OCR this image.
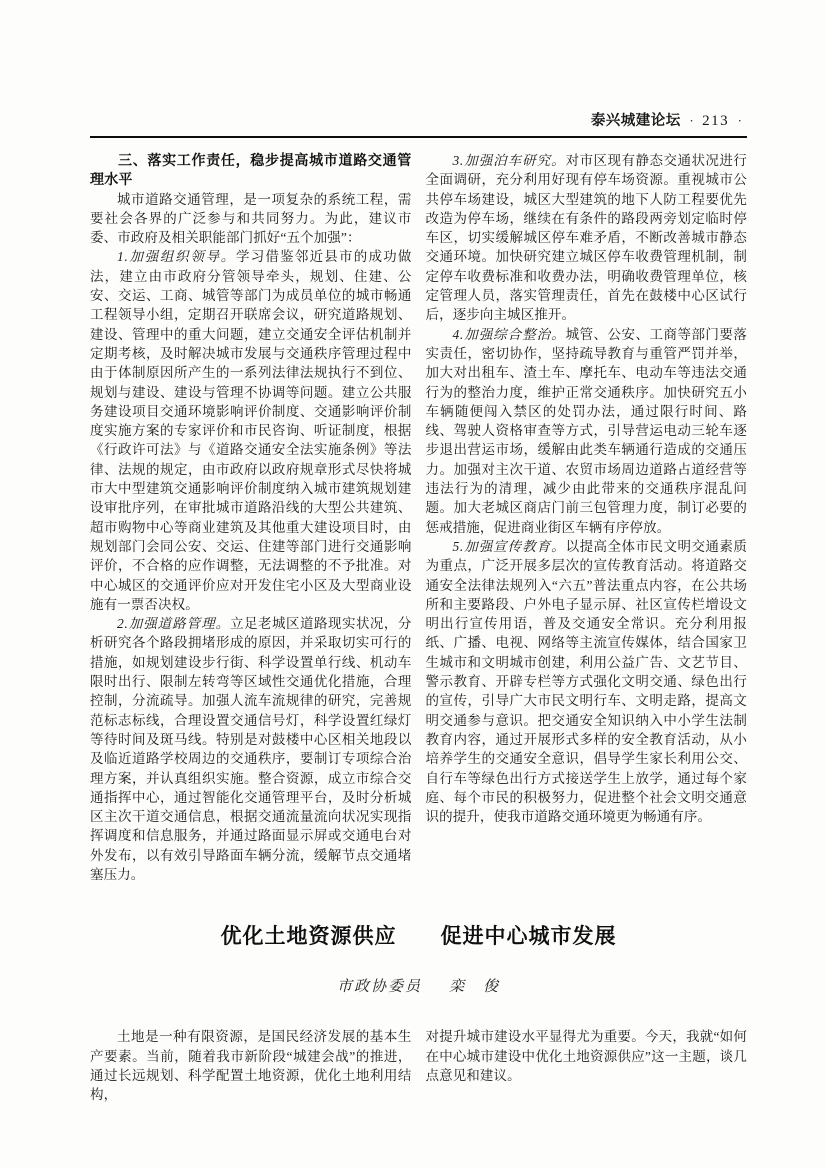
泰兴城建论坛 · 213 ·
三、落实工作责任，稳步提高城市道路交通管理水平

城市道路交通管理，是一项复杂的系统工程，需要社会各界的广泛参与和共同努力。为此，建议市委、市政府及相关职能部门抓好“五个加强”：

1.加强组织领导。学习借鉴邻近县市的成功做法，建立由市政府分管领导牵头，规划、住建、公安、交运、工商、城管等部门为成员单位的城市畅通工程领导小组，定期召开联席会议，研究道路规划、建设、管理中的重大问题，建立交通安全评估机制并定期考核，及时解决城市发展与交通秩序管理过程中由于体制原因所产生的一系列法律法规执行不到位、规划与建设、建设与管理不协调等问题。建立公共服务建设项目交通环境影响评价制度、交通影响评价制度实施方案的专家评价和市民咨询、听证制度，根据《行政许可法》与《道路交通安全法实施条例》等法律、法规的规定，由市政府以政府规章形式尽快将城市大中型建筑交通影响评价制度纳入城市建筑规划建设审批序列，在审批城市道路沿线的大型公共建筑、超市购物中心等商业建筑及其他重大建设项目时，由规划部门会同公安、交运、住建等部门进行交通影响评价，不合格的应作调整，无法调整的不予批准。对中心城区的交通评价应对开发住宅小区及大型商业设施有一票否决权。

2.加强道路管理。立足老城区道路现实状况，分析研究各个路段拥堵形成的原因，并采取切实可行的措施，如规划建设步行街、科学设置单行线、机动车限时出行、限制左转弯等区域性交通优化措施，合理控制，分流疏导。加强人流车流规律的研究，完善规范标志标线，合理设置交通信号灯，科学设置红绿灯等待时间及斑马线。特别是对鼓楼中心区相关地段以及临近道路学校周边的交通秩序，要制订专项综合治理方案，并认真组织实施。整合资源，成立市综合交通指挥中心，通过智能化交通管理平台，及时分析城区主次干道交通信息，根据交通流量流向状况实现指挥调度和信息服务，并通过路面显示屏或交通电台对外发布，以有效引导路面车辆分流，缓解节点交通堵塞压力。

3.加强泊车研究。对市区现有静态交通状况进行全面调研，充分利用好现有停车场资源。重视城市公共停车场建设，城区大型建筑的地下人防工程要优先改造为停车场，继续在有条件的路段两旁划定临时停车区，切实缓解城区停车难矛盾，不断改善城市静态交通环境。加快研究建立城区停车收费管理机制，制定停车收费标准和收费办法，明确收费管理单位，核定管理人员，落实管理责任，首先在鼓楼中心区试行后，逐步向主城区推开。

4.加强综合整治。城管、公安、工商等部门要落实责任，密切协作，坚持疏导教育与重管严罚并举，加大对出租车、渣土车、摩托车、电动车等违法交通行为的整治力度，维护正常交通秩序。加快研究五小车辆随便闯入禁区的处罚办法，通过限行时间、路线、驾驶人资格审查等方式，引导营运电动三轮车逐步退出营运市场，缓解由此类车辆通行造成的交通压力。加强对主次干道、农贸市场周边道路占道经营等违法行为的清理，减少由此带来的交通秩序混乱问题。加大老城区商店门前三包管理力度，制订必要的惩戒措施，促进商业街区车辆有序停放。

5.加强宣传教育。以提高全体市民文明交通素质为重点，广泛开展多层次的宣传教育活动。将道路交通安全法律法规列入“六五”普法重点内容，在公共场所和主要路段、户外电子显示屏、社区宣传栏增设文明出行宣传用语，普及交通安全常识。充分利用报纸、广播、电视、网络等主流宣传媒体，结合国家卫生城市和文明城市创建，利用公益广告、文艺节目、警示教育、开辟专栏等方式强化文明交通、绿色出行的宣传，引导广大市民文明行车、文明走路，提高文明交通参与意识。把交通安全知识纳入中小学生法制教育内容，通过开展形式多样的安全教育活动，从小培养学生的交通安全意识，倡导学生家长利用公交、自行车等绿色出行方式接送学生上放学，通过每个家庭、每个市民的积极努力，促进整个社会文明交通意识的提升，使我市道路交通环境更为畅通有序。

优化土地资源供应　　促进中心城市发展
市政协委员 栾　俊

土地是一种有限资源，是国民经济发展的基本生产要素。当前，随着我市新阶段“城建会战”的推进，通过长远规划、科学配置土地资源，优化土地利用结构，

对提升城市建设水平显得尤为重要。今天，我就“如何在中心城市建设中优化土地资源供应”这一主题，谈几点意见和建议。
